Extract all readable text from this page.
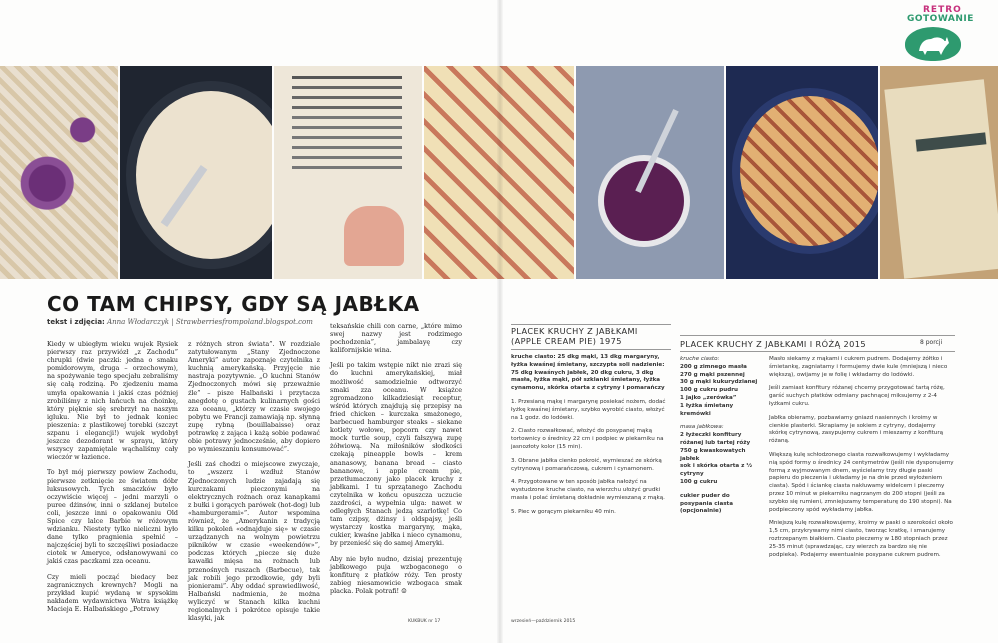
RETRO
GOTOWANIE
CO TAM CHIPSY, GDY SĄ JABŁKA
tekst i zdjęcia: Anna Włodarczyk | Strawberriesfrompoland.blogspot.com

Kiedy w ubiegłym wieku wujek Rysiek pierwszy raz przywiózł „z Zachodu” chrupki (dwie paczki: jedna o smaku pomidorowym, druga – orzechowym), na spożywanie tego specjału zebraliśmy się całą rodziną. Po zjedzeniu mama umyła opakowania i jakiś czas później zrobiliśmy z nich łańcuch na choinkę, który pięknie się srebrzył na naszym igluku. Nie był to jednak koniec pieszenia: z plastikowej torebki (szczyt szpanu i elegancji!) wujek wydobył jeszcze dezodorant w sprayu, który wszyscy zapamiętale wąchaliśmy cały wieczór w łazience.

To był mój pierwszy powiew Zachodu, pierwsze zetknięcie ze światem dóbr luksusowych. Tych smaczków było oczywiście więcej – jedni marzyli o puree dżinsów, inni o szklanej butelce coli, jeszcze inni o opakowaniu Old Spice czy lalce Barbie w różowym wdzianku. Niestety tylko nieliczni było dane tylko pragnienia spełnić – najczęściej byli to szczęśliwi posiadacze ciotek w Ameryce, odsłanowywani co jakiś czas paczkami zza oceanu.

Czy mieli począć biedacy bez zagranicznych krewnych? Mogli na przykład kupić wydaną w spysokim nakładem wydawnictwa Watra książkę Macieja E. Halbańskiego „Potrawy

z różnych stron świata”. W rozdziale zatytułowanym „Stany Zjednoczone Ameryki” autor zapoznaje czytelnika z kuchnią amerykańską. Przyjęcie nie nastraja pozytywnie. „O kuchni Stanów Zjednoczonych mówi się przeważnie źle” – pisze Halbański i przytacza anegdotę o gustach kulinarnych gości zza oceanu, „którzy w czasie swojego pobytu we Francji zamawiają np. słynną zupę rybną (bouillabaisse) oraz potrawkę z zająca i każą sobie podawać obie potrawy jednocześnie, aby dopiero po wymieszaniu konsumować”.

Jeśli zaś chodzi o miejscowe zwyczaje, to „wszerz i wzdłuż Stanów Zjednoczonych ludzie zajadają się kurczakami pieczonymi na elektrycznych rożnach oraz kanapkami z bułki i gorących parówek (hot-dog) lub «hamburgerami»”. Autor wspomina również, że „Amerykanin z tradycją kilku pokoleń «odnajduje się» w czasie urządzanych na wolnym powietrzu pikników w czasie «weekendów»”, podczas których „piecze się duże kawałki mięsa na rożnach lub przenośnych ruszach (Barbecue), tak jak robili jego przodkowie, gdy byli pionierami”. Aby oddać sprawiedliwość, Halbański nadmienia, że można wyliczyć w Stanach kilka kuchni regionalnych i pokrótce opisuje takie klasyki, jak

teksańskie chili con carne, „które mimo swej nazwy jest rodzimego pochodzenia”, jambalayę czy kalifornijskie wina.

Jeśli po takim wstępie nikt nie zrazi się do kuchni amerykańskiej, miał możliwość samodzielnie odtworzyć smaki zza oceanu. W książce zgromadzono kilkadziesiąt receptur, wśród których znajdują się przepisy na fried chicken – kurczaka smażonego, barbecued hamburger steaks – siekane kotlety wołowe, popcorn czy nawet mock turtle soup, czyli fałszywą zupę żółwiową. Na miłośników słodkości czekają pineapple bowls – krem ananasowy, banana bread – ciasto bananowe, i apple cream pie, przetłumaczony jako placek kruchy z jabłkami. I tu sprzątanego Zachodu czytelnika w końcu opuszcza uczucie zazdrości, a wypełnia ulga: nawet w odległych Stanach jedzą szarlotkę! Co tam czipsy, dżinsy i oldspajsy, jeśli wystarczy kostka margaryny, mąka, cukier, kwaśne jabłka i nieco cynamonu, by przenieść się do samej Ameryki.

Aby nie było nudno, dzisiaj prezentuję jabłkowego puja wzbogaconego o konfiturę z płatków róży. Ten prosty zabieg niesamowicie wzbogaca smak placka. Polak potrafi! ☺

KUKBUK nr 17
PLACEK KRUCHY Z JABŁKAMI
(APPLE CREAM PIE) 1975

kruche ciasto: 25 dkg mąki, 13 dkg margaryny, łyżka kwaśnej śmietany, szczypta soli nadzienie: 75 dkg kwaśnych jabłek, 20 dkg cukru, 3 dkg masła, łyżka mąki, pół szklanki śmietany, łyżka cynamonu, skórka otarta z cytryny i pomarańczy

1. Przesianą mąkę i margarynę posiekać nożem, dodać łyżkę kwaśnej śmietany, szybko wyrobić ciasto, włożyć na 1 godz. do lodówki.

2. Ciasto rozwałkować, włożyć do posypanej mąką tortownicy o średnicy 22 cm i podpiec w piekarniku na jasnozłoty kolor (15 min).

3. Obrane jabłka cienko pokroić, wymieszać ze skórką cytrynową i pomarańczową, cukrem i cynamonem.

4. Przygotowane w ten sposób jabłka nałożyć na wystudzone kruche ciasto, na wierzchu ułożyć grudki masła i polać śmietaną dokładnie wymieszaną z mąką.

5. Piec w gorącym piekarniku 40 min.

PLACEK KRUCHY Z JABŁKAMI I RÓŻĄ 2015	8 porcji

kruche ciasto:
200 g zimnego masła
270 g mąki pszennej
30 g mąki kukurydzianej
100 g cukru pudru
1 jajko „zerówka”
1 łyżka śmietany kremówki

masa jabłkowa:
2 łyżeczki konfitury różanej lub tartej róży
750 g kwaskowatych jabłek
sok i skórka otarta z ½ cytryny
100 g cukru

cukier puder do posypania ciasta (opcjonalnie)

Masło siekamy z mąkami i cukrem pudrem. Dodajemy żółtko i śmietankę, zagniatamy i formujemy dwie kule (mniejszą i nieco większą), owijamy je w folię i wkładamy do lodówki.

Jeśli zamiast konfitury różanej chcemy przygotować tartą różę, garść suchych płatków odmiany pachnącej miksujemy z 2-4 łyżkami cukru.

Jabłka obieramy, pozbawiamy gniazd nasiennych i kroimy w cienkie plasterki. Skrapiamy je sokiem z cytryny, dodajemy skórkę cytrynową, zasypujemy cukrem i mieszamy z konfiturą różaną.

Większą kulę schłodzonego ciasta rozwałkowujemy i wykładamy nią spód formy o średnicy 24 centymetrów (jeśli nie dysponujemy formą z wyjmowanym dnem, wyścielamy trzy długie paski papieru do pieczenia i układamy je na dnie przed wyłożeniem ciasta). Spód i ściankę ciasta nakłuwamy widelcem i pieczemy przez 10 minut w piekarniku nagrzanym do 200 stopni (jeśli za szybko się rumieni, zmniejszamy temperaturę do 190 stopni). Na podpieczony spód wykładamy jabłka.

Mniejszą kulę rozwałkowujemy, kroimy w paski o szerokości około 1,5 cm, przykrywamy nimi ciasto, tworząc kratkę, i smarujemy roztrzepanym białkiem. Ciasto pieczemy w 180 stopniach przez 25-35 minut (sprawdzając, czy wierzch za bardzo się nie podpieka). Podajemy ewentualnie posypane cukrem pudrem.

wrzesień—październik 2015
